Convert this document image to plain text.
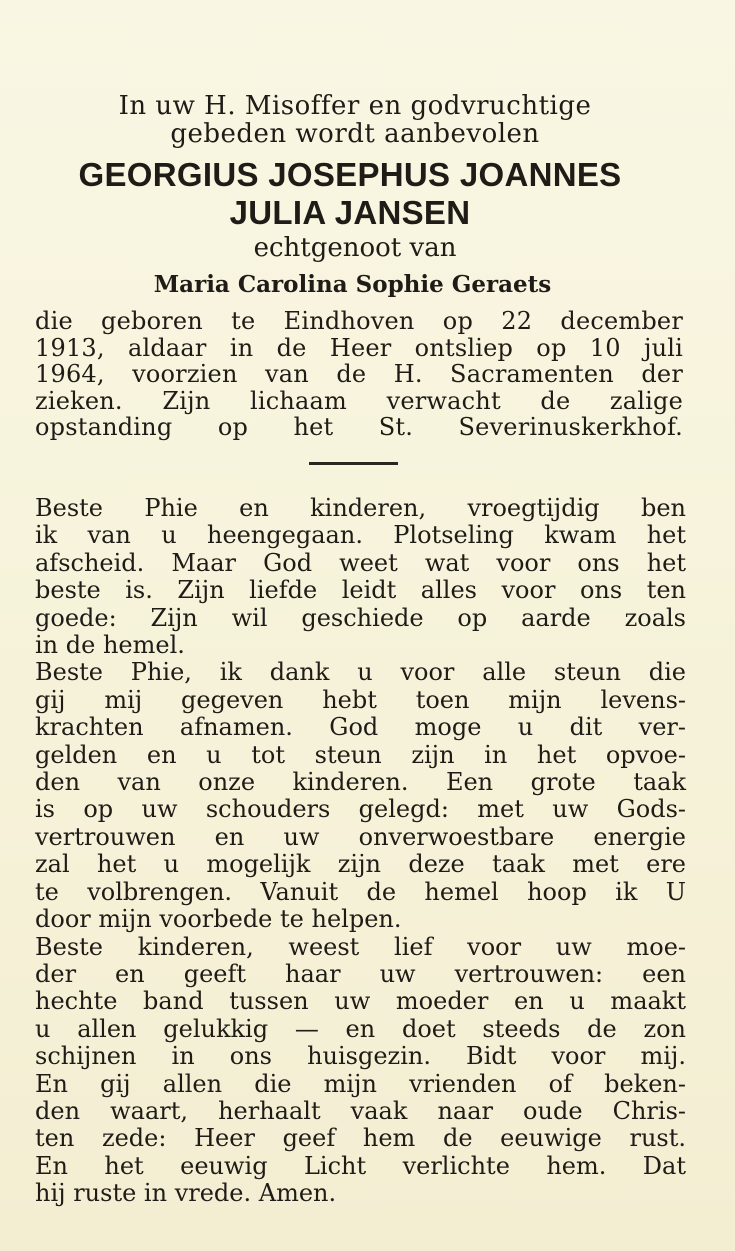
In uw H. Misoffer en godvruchtige
gebeden wordt aanbevolen
GEORGIUS JOSEPHUS JOANNES
JULIA JANSEN
echtgenoot van
Maria Carolina Sophie Geraets
die geboren te Eindhoven op 22 december
1913, aldaar in de Heer ontsliep op 10 juli
1964, voorzien van de H. Sacramenten der
zieken. Zijn lichaam verwacht de zalige
opstanding op het St. Severinuskerkhof.
Beste Phie en kinderen, vroegtijdig ben
ik van u heengegaan. Plotseling kwam het
afscheid. Maar God weet wat voor ons het
beste is. Zijn liefde leidt alles voor ons ten
goede: Zijn wil geschiede op aarde zoals
in de hemel.
Beste Phie, ik dank u voor alle steun die
gij mij gegeven hebt toen mijn levens-
krachten afnamen. God moge u dit ver-
gelden en u tot steun zijn in het opvoe-
den van onze kinderen. Een grote taak
is op uw schouders gelegd: met uw Gods-
vertrouwen en uw onverwoestbare energie
zal het u mogelijk zijn deze taak met ere
te volbrengen. Vanuit de hemel hoop ik U
door mijn voorbede te helpen.
Beste kinderen, weest lief voor uw moe-
der en geeft haar uw vertrouwen: een
hechte band tussen uw moeder en u maakt
u allen gelukkig — en doet steeds de zon
schijnen in ons huisgezin. Bidt voor mij.
En gij allen die mijn vrienden of beken-
den waart, herhaalt vaak naar oude Chris-
ten zede: Heer geef hem de eeuwige rust.
En het eeuwig Licht verlichte hem. Dat
hij ruste in vrede. Amen.
